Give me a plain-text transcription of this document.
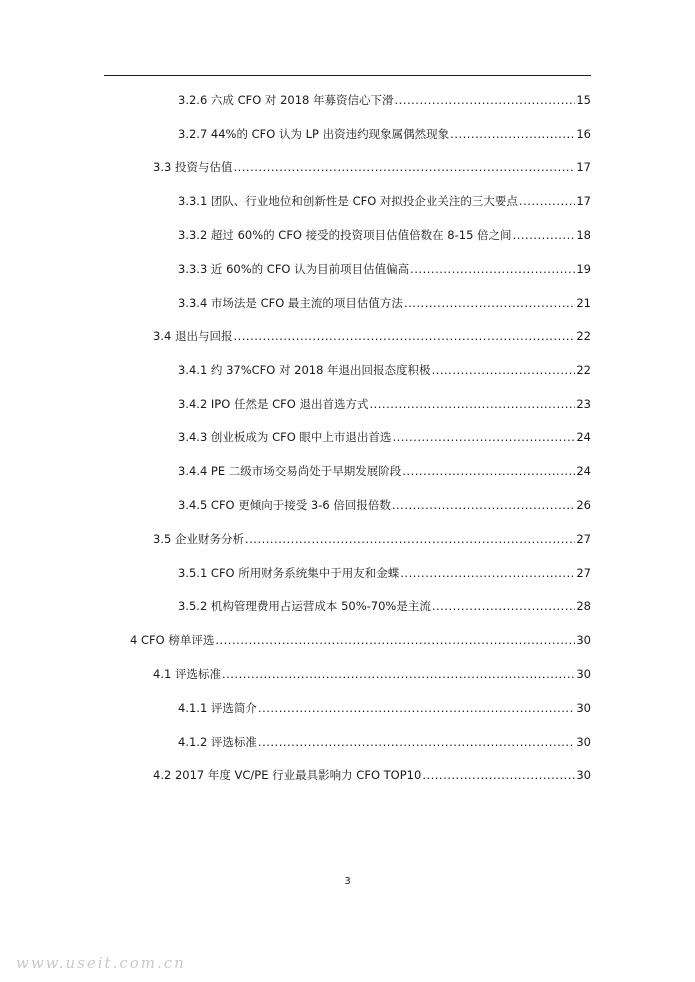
3.2.6 六成 CFO 对 2018 年募资信心下滑 .....	15
3.2.7 44%的 CFO 认为 LP 出资违约现象属偶然现象 .....	16
3.3 投资与估值 .....	17
3.3.1 团队、行业地位和创新性是 CFO 对拟投企业关注的三大要点 .....	17
3.3.2 超过 60%的 CFO 接受的投资项目估值倍数在 8-15 倍之间 .....	18
3.3.3 近 60%的 CFO 认为目前项目估值偏高 .....	19
3.3.4 市场法是 CFO 最主流的项目估值方法 .....	21
3.4 退出与回报 .....	22
3.4.1 约 37%CFO 对 2018 年退出回报态度积极 .....	22
3.4.2 IPO 任然是 CFO 退出首选方式 .....	23
3.4.3 创业板成为 CFO 眼中上市退出首选 .....	24
3.4.4 PE 二级市场交易尚处于早期发展阶段 .....	24
3.4.5 CFO 更倾向于接受 3-6 倍回报倍数 .....	26
3.5 企业财务分析 .....	27
3.5.1 CFO 所用财务系统集中于用友和金蝶 .....	27
3.5.2 机构管理费用占运营成本 50%-70%是主流 .....	28
4 CFO 榜单评选 .....	30
4.1 评选标准 .....	30
4.1.1 评选简介 .....	30
4.1.2 评选标准 .....	30
4.2 2017 年度 VC/PE 行业最具影响力 CFO TOP10 .....	30
3
www.useit.com.cn
